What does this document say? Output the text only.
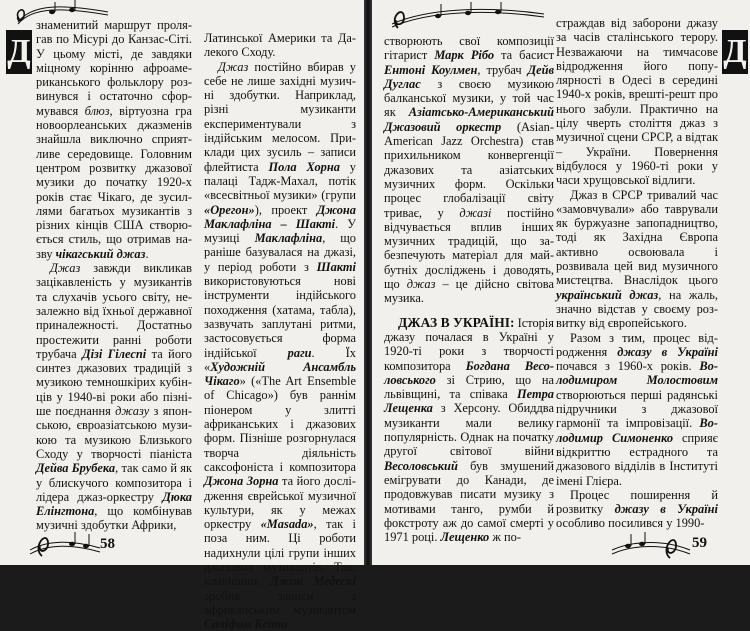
Д

знаменитий маршрут пролягав по Місурі до Канзас-Сіті. У цьому місті, де завдяки міцному корінню афроамериканського фольклору розвинувся і остаточно сформувався блюз, віртуозна гра новоорлеанських джазменів знайшла виключно сприятливе середовище. Головним центром розвитку джазової музики до початку 1920-х років стає Чікаго, де зусиллями багатьох музикантів з різних кінців США створюється стиль, що отримав назву чікагський джаз.

Джаз завжди викликав зацікавленість у музикантів та слухачів усього світу, незалежно від їхньої державної приналежності. Достатньо простежити ранні роботи трубача Дізі Гілеспі та його синтез джазових традицій з музикою темношкірих кубінців у 1940-ві роки або пізніше поєднання джазу з японською, євроазіатською музикою та музикою Близького Сходу у творчості піаніста Дейва Брубека, так само й як у блискучого композитора і лідера джаз-оркестру Дюка Елінгтона, що комбінував музичні здобутки Африки,

Латинської Америки та Далекого Сходу.

Джаз постійно вбирав у себе не лише західні музичні здобутки. Наприклад, різні музиканти експериментували з індійським мелосом. Приклади цих зусиль – записи флейтиста Пола Хорна у палаці Тадж-Махал, потік «всесвітньої музики» (групи «Орегон»), проект Джона Маклафліна – Шакті. У музиці Маклафліна, що раніше базувалася на джазі, у період роботи з Шакті використовуються нові інструменти індійського походження (хатама, табла), зазвучать заплутані ритми, застосовується форма індійської раги. Їх «Художній Ансамбль Чікаго» («The Art Ensemble of Chicago») був раннім піонером у злитті африканських і джазових форм. Пізніше розгорнулася творча діяльність саксофоніста і композитора Джона Зорна та його дослідження єврейської музичної культури, як у межах оркестру «Masada», так і поза ним. Ці роботи надихнули цілі групи інших джазових музикантів. Так, клавішник Джон Медескі зробив записи з африканським музикантом Саліфом Кеїта.

58

створюють свої композиції гітарист Марк Рібо та басист Ентоні Коулмен, трубач Дейв Дуглас з своєю музикою балканської музики, у той час як Азіатсько-Американський Джазовий оркестр (Asian-American Jazz Orchestra) став прихильником конвергенції джазових та азіатських музичних форм. Оскільки процес глобалізації світу триває, у джазі постійно відчувається вплив інших музичних традицій, що забезпечують матеріал для майбутніх досліджень і доводять, що джаз – це дійсно світова музика.

ДЖАЗ В УКРАЇНІ: Історія джазу почалася в Україні у 1920-ті роки з творчості композитора Богдана Весоловського зі Стрию, що на львівщині, та співака Петра Лещенка з Херсону. Обиддва музиканти мали велику популярність. Однак на початку другої світової війни Весоловський був змушений емігрувати до Канади, де продовжував писати музику з мотивами танго, румби й фокстроту аж до самої смерті у 1971 році. Лещенко ж по-

страждав від заборони джазу за часів сталінського терору. Незважаючи на тимчасове відродження його популярності в Одесі в середині 1940-х років, врешті-решт про нього забули. Практично на цілу чверть століття джаз з музичної сцени СРСР, а відтак – України. Повернення відбулося у 1960-ті роки у часи хрущовської відлиги.

Джаз в СРСР тривалий час «замовчували» або таврували як буржуазне запопадництво, тоді як Західна Європа активно освоювала і розвивала цей вид музичного мистецтва. Внаслідок цього український джаз, на жаль, значно відстав у своєму розвитку від європейського.

Разом з тим, процес відродження джазу в Україні почався з 1960-х років. Володимиром Молостовим створюються перші радянські підручники з джазової гармонії та імпровізації. Володимир Симоненко сприяє відкриттю естрадного та джазового відділів в Інституті імені Глієра.

Процес поширення й розвитку джазу в Україні особливо посилився у 1990-

Д
59
